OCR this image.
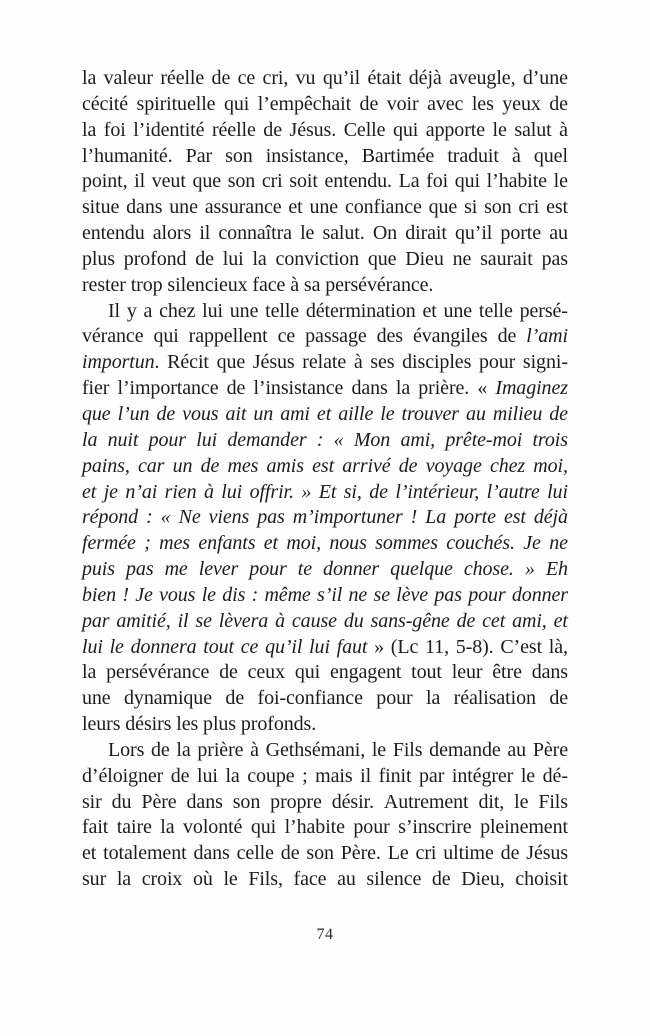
la valeur réelle de ce cri, vu qu’il était déjà aveugle, d’une
cécité spirituelle qui l’empêchait de voir avec les yeux de
la foi l’identité réelle de Jésus. Celle qui apporte le salut à
l’humanité. Par son insistance, Bartimée traduit à quel
point, il veut que son cri soit entendu. La foi qui l’habite le
situe dans une assurance et une confiance que si son cri est
entendu alors il connaîtra le salut. On dirait qu’il porte au
plus profond de lui la conviction que Dieu ne saurait pas
rester trop silencieux face à sa persévérance.
Il y a chez lui une telle détermination et une telle persé-
vérance qui rappellent ce passage des évangiles de l’ami
importun. Récit que Jésus relate à ses disciples pour signi-
fier l’importance de l’insistance dans la prière. « Imaginez
que l’un de vous ait un ami et aille le trouver au milieu de
la nuit pour lui demander : « Mon ami, prête-moi trois
pains, car un de mes amis est arrivé de voyage chez moi,
et je n’ai rien à lui offrir. » Et si, de l’intérieur, l’autre lui
répond : « Ne viens pas m’importuner ! La porte est déjà
fermée ; mes enfants et moi, nous sommes couchés. Je ne
puis pas me lever pour te donner quelque chose. » Eh
bien ! Je vous le dis : même s’il ne se lève pas pour donner
par amitié, il se lèvera à cause du sans-gêne de cet ami, et
lui le donnera tout ce qu’il lui faut » (Lc 11, 5-8). C’est là,
la persévérance de ceux qui engagent tout leur être dans
une dynamique de foi-confiance pour la réalisation de
leurs désirs les plus profonds.
Lors de la prière à Gethsémani, le Fils demande au Père
d’éloigner de lui la coupe ; mais il finit par intégrer le dé-
sir du Père dans son propre désir. Autrement dit, le Fils
fait taire la volonté qui l’habite pour s’inscrire pleinement
et totalement dans celle de son Père. Le cri ultime de Jésus
sur la croix où le Fils, face au silence de Dieu, choisit
74
